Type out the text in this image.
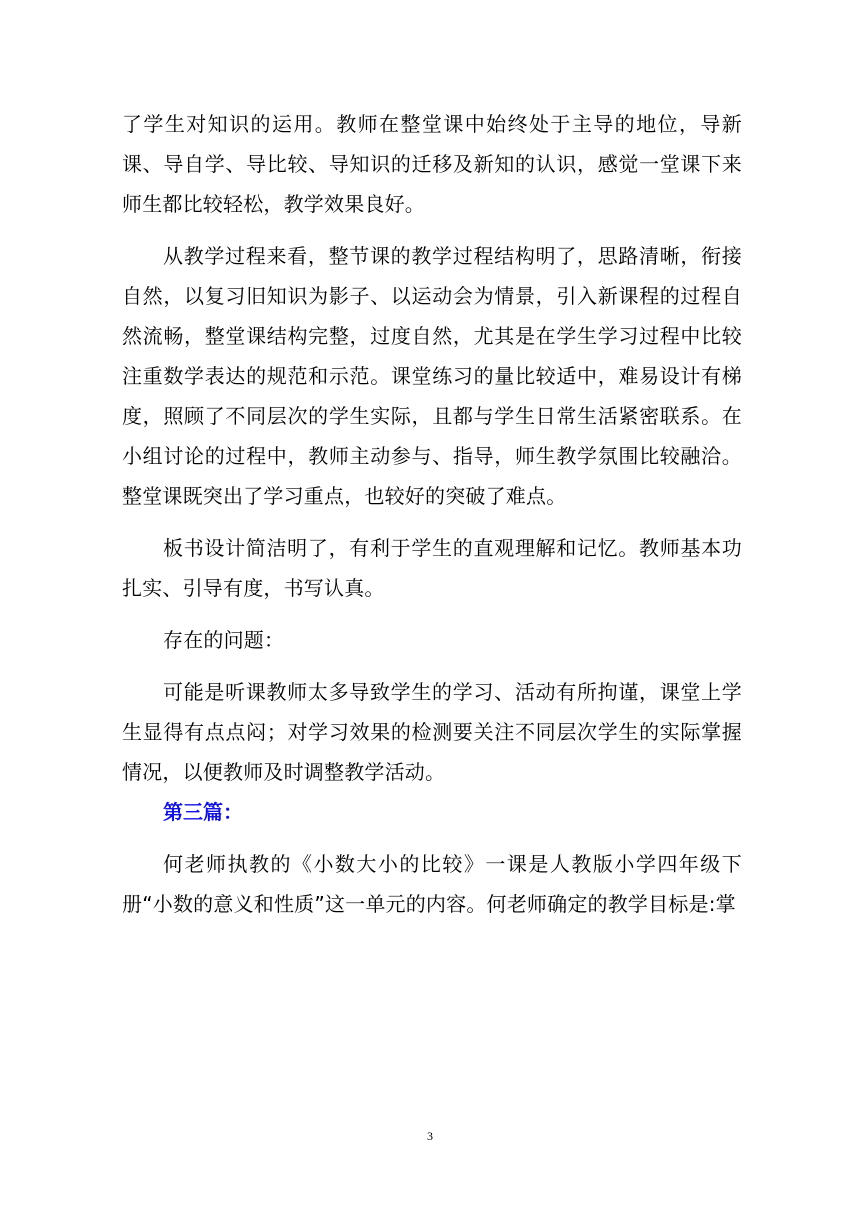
了学生对知识的运用。教师在整堂课中始终处于主导的地位，导新课、导自学、导比较、导知识的迁移及新知的认识，感觉一堂课下来师生都比较轻松，教学效果良好。

从教学过程来看，整节课的教学过程结构明了，思路清晰，衔接自然，以复习旧知识为影子、以运动会为情景，引入新课程的过程自然流畅，整堂课结构完整，过度自然，尤其是在学生学习过程中比较注重数学表达的规范和示范。课堂练习的量比较适中，难易设计有梯度，照顾了不同层次的学生实际，且都与学生日常生活紧密联系。在小组讨论的过程中，教师主动参与、指导，师生教学氛围比较融洽。整堂课既突出了学习重点，也较好的突破了难点。

板书设计简洁明了，有利于学生的直观理解和记忆。教师基本功扎实、引导有度，书写认真。

存在的问题：

可能是听课教师太多导致学生的学习、活动有所拘谨，课堂上学生显得有点点闷；对学习效果的检测要关注不同层次学生的实际掌握情况，以便教师及时调整教学活动。

第三篇：

何老师执教的《小数大小的比较》一课是人教版小学四年级下册“小数的意义和性质”这一单元的内容。何老师确定的教学目标是:掌

3
